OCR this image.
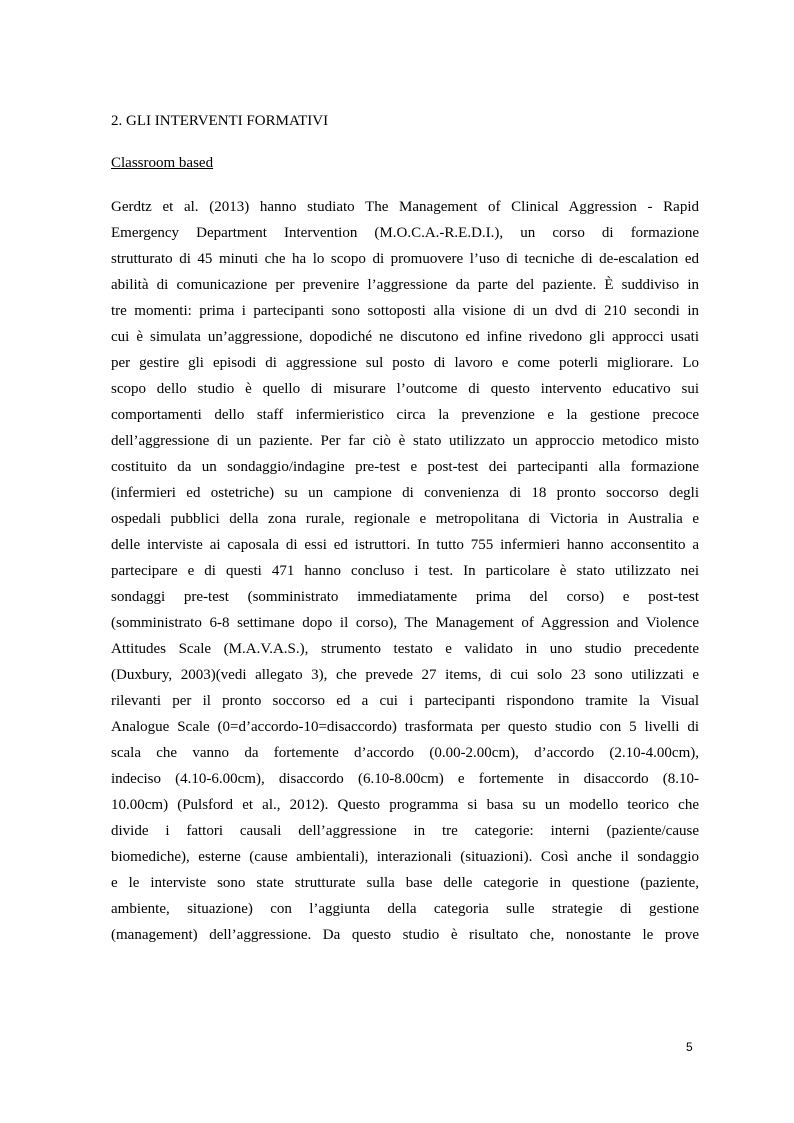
2. GLI INTERVENTI FORMATIVI
Classroom based
Gerdtz et al. (2013) hanno studiato The Management of Clinical Aggression - Rapid
Emergency Department Intervention (M.O.C.A.-R.E.D.I.), un corso di formazione
strutturato di 45 minuti che ha lo scopo di promuovere l’uso di tecniche di de-escalation ed
abilità di comunicazione per prevenire l’aggressione da parte del paziente. È suddiviso in
tre momenti: prima i partecipanti sono sottoposti alla visione di un dvd di 210 secondi in
cui è simulata un’aggressione, dopodiché ne discutono ed infine rivedono gli approcci usati
per gestire gli episodi di aggressione sul posto di lavoro e come poterli migliorare. Lo
scopo dello studio è quello di misurare l’outcome di questo intervento educativo sui
comportamenti dello staff infermieristico circa la prevenzione e la gestione precoce
dell’aggressione di un paziente. Per far ciò è stato utilizzato un approccio metodico misto
costituito da un sondaggio/indagine pre-test e post-test dei partecipanti alla formazione
(infermieri ed ostetriche) su un campione di convenienza di 18 pronto soccorso degli
ospedali pubblici della zona rurale, regionale e metropolitana di Victoria in Australia e
delle interviste ai caposala di essi ed istruttori. In tutto 755 infermieri hanno acconsentito a
partecipare e di questi 471 hanno concluso i test. In particolare è stato utilizzato nei
sondaggi pre-test (somministrato immediatamente prima del corso) e post-test
(somministrato 6-8 settimane dopo il corso), The Management of Aggression and Violence
Attitudes Scale (M.A.V.A.S.), strumento testato e validato in uno studio precedente
(Duxbury, 2003)(vedi allegato 3), che prevede 27 items, di cui solo 23 sono utilizzati e
rilevanti per il pronto soccorso ed a cui i partecipanti rispondono tramite la Visual
Analogue Scale (0=d’accordo-10=disaccordo) trasformata per questo studio con 5 livelli di
scala che vanno da fortemente d’accordo (0.00-2.00cm), d’accordo (2.10-4.00cm),
indeciso (4.10-6.00cm), disaccordo (6.10-8.00cm) e fortemente in disaccordo (8.10-
10.00cm) (Pulsford et al., 2012). Questo programma si basa su un modello teorico che
divide i fattori causali dell’aggressione in tre categorie: interni (paziente/cause
biomediche), esterne (cause ambientali), interazionali (situazioni). Così anche il sondaggio
e le interviste sono state strutturate sulla base delle categorie in questione (paziente,
ambiente, situazione) con l’aggiunta della categoria sulle strategie di gestione
(management) dell’aggressione. Da questo studio è risultato che, nonostante le prove
5
